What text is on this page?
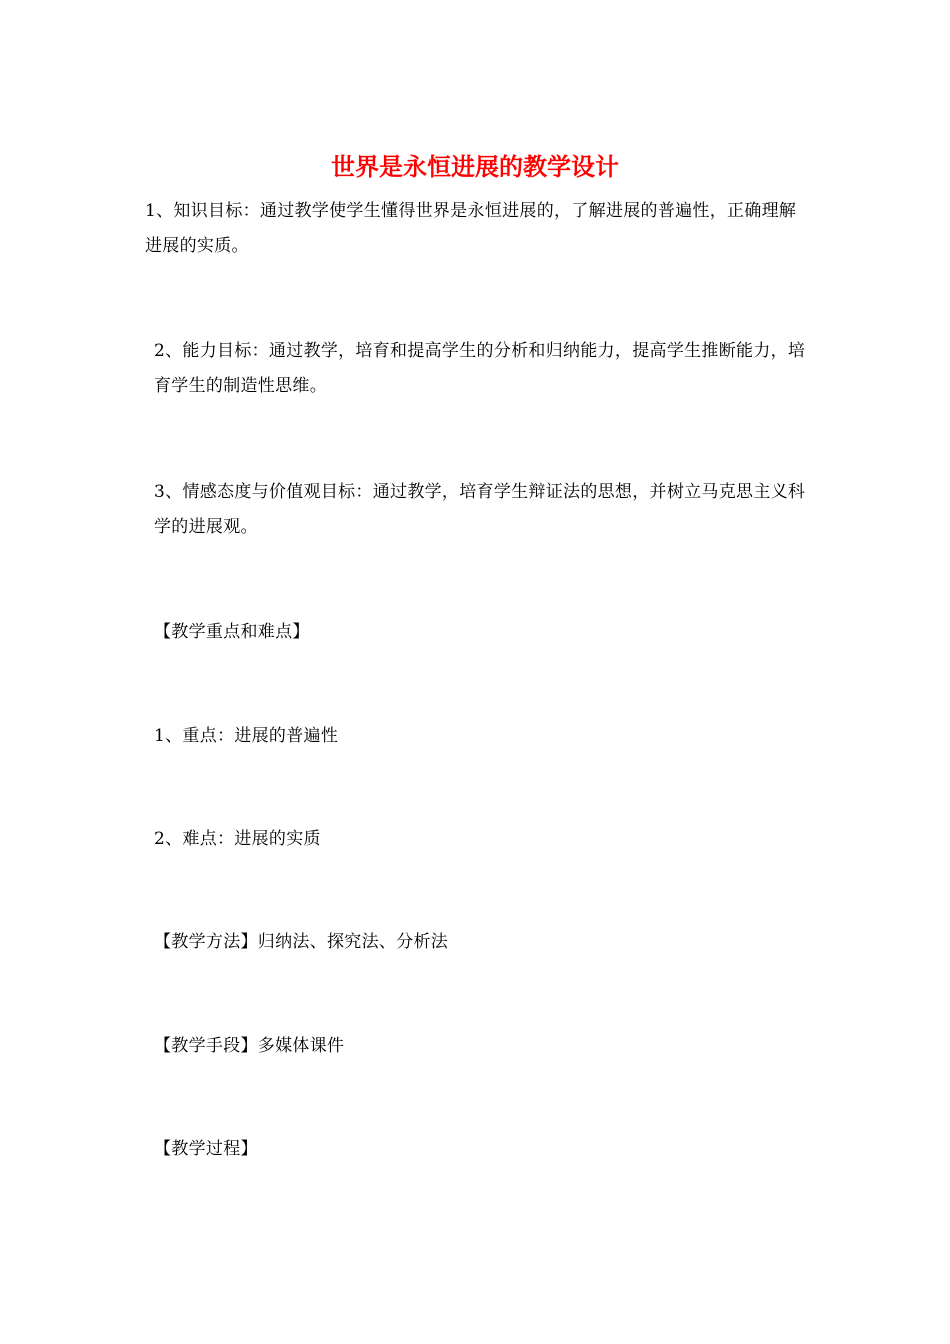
世界是永恒进展的教学设计

1、知识目标：通过教学使学生懂得世界是永恒进展的，了解进展的普遍性，正确理解进展的实质。

2、能力目标：通过教学，培育和提高学生的分析和归纳能力，提高学生推断能力，培育学生的制造性思维。

3、情感态度与价值观目标：通过教学，培育学生辩证法的思想，并树立马克思主义科学的进展观。

【教学重点和难点】

1、重点：进展的普遍性

2、难点：进展的实质

【教学方法】归纳法、探究法、分析法

【教学手段】多媒体课件

【教学过程】
